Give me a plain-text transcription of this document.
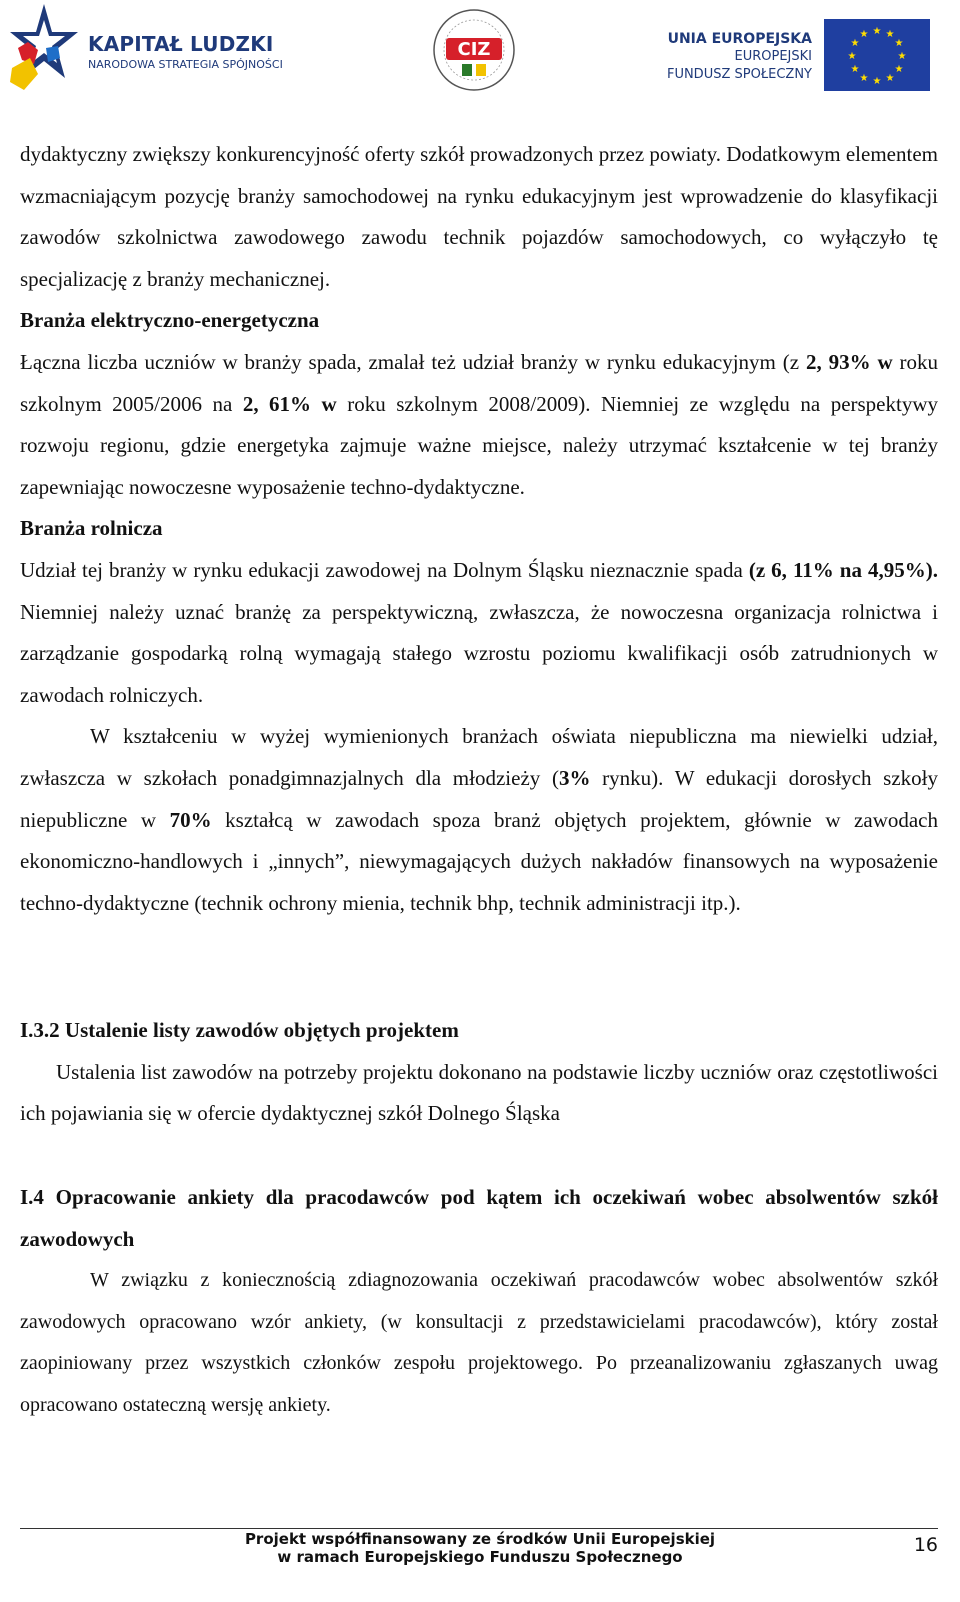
KAPITAŁ LUDZKI
NARODOWA STRATEGIA SPÓJNOŚCI
CIZ	UNIA EUROPEJSKA
EUROPEJSKI
FUNDUSZ SPOŁECZNY
★ ★
★
★
★
★
★
★
★
★
★
★

dydaktyczny zwiększy konkurencyjność oferty szkół prowadzonych przez powiaty. Dodatkowym elementem wzmacniającym pozycję branży samochodowej na rynku edukacyjnym jest wprowadzenie do klasyfikacji zawodów szkolnictwa zawodowego zawodu technik pojazdów samochodowych, co wyłączyło tę specjalizację z branży mechanicznej.

Branża elektryczno-energetyczna

Łączna liczba uczniów w branży spada, zmalał też udział branży w rynku edukacyjnym (z 2, 93% w roku szkolnym 2005/2006 na 2, 61% w roku szkolnym 2008/2009). Niemniej ze względu na perspektywy rozwoju regionu, gdzie energetyka zajmuje ważne miejsce, należy utrzymać kształcenie w tej branży zapewniając nowoczesne wyposażenie techno-dydaktyczne.

Branża rolnicza

Udział tej branży w rynku edukacji zawodowej na Dolnym Śląsku nieznacznie spada (z 6, 11% na 4,95%). Niemniej należy uznać branżę za perspektywiczną, zwłaszcza, że nowoczesna organizacja rolnictwa i zarządzanie gospodarką rolną wymagają stałego wzrostu poziomu kwalifikacji osób zatrudnionych w zawodach rolniczych.

W kształceniu w wyżej wymienionych branżach oświata niepubliczna ma niewielki udział, zwłaszcza w szkołach ponadgimnazjalnych dla młodzieży (3% rynku). W edukacji dorosłych szkoły niepubliczne w 70% kształcą w zawodach spoza branż objętych projektem, głównie w zawodach ekonomiczno-handlowych i „innych”, niewymagających dużych nakładów finansowych na wyposażenie techno-dydaktyczne (technik ochrony mienia, technik bhp, technik administracji itp.).

I.3.2 Ustalenie listy zawodów objętych projektem

Ustalenia list zawodów na potrzeby projektu dokonano na podstawie liczby uczniów oraz częstotliwości ich pojawiania się w ofercie dydaktycznej szkół Dolnego Śląska

I.4 Opracowanie ankiety dla pracodawców pod kątem ich oczekiwań wobec absolwentów szkół zawodowych

W związku z koniecznością zdiagnozowania oczekiwań pracodawców wobec absolwentów szkół zawodowych opracowano wzór ankiety, (w konsultacji z przedstawicielami pracodawców), który został zaopiniowany przez wszystkich członków zespołu projektowego. Po przeanalizowaniu zgłaszanych uwag opracowano ostateczną wersję ankiety.

Projekt współfinansowany ze środków Unii Europejskiej
w ramach Europejskiego Funduszu Społecznego
16
